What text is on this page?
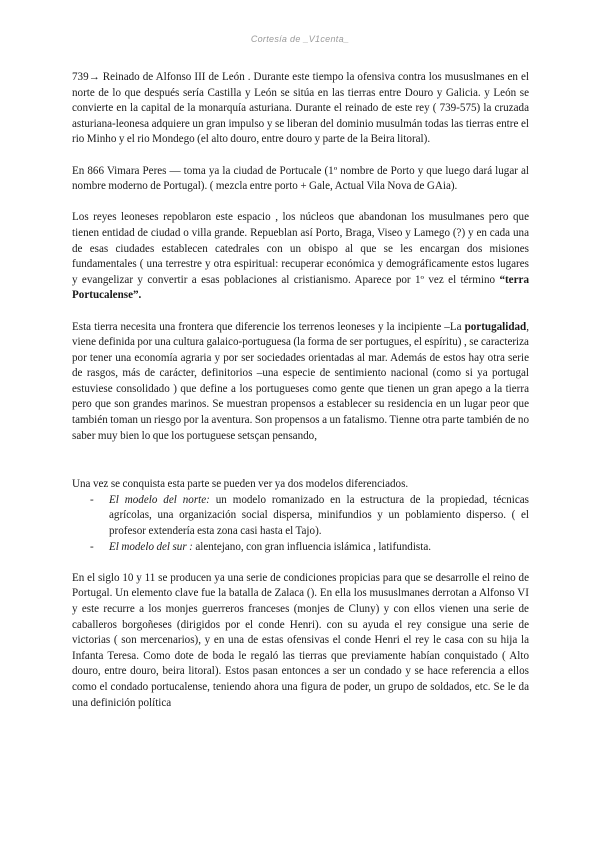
Cortesía de _V1centa_

739→ Reinado de Alfonso III de León . Durante este tiempo la ofensiva contra los mususlmanes en el norte de lo que después sería Castilla y León se sitúa en las tierras entre Douro y Galicia. y León se convierte en la capital de la monarquía asturiana. Durante el reinado de este rey ( 739-575) la cruzada asturiana-leonesa adquiere un gran impulso y se liberan del dominio musulmán todas las tierras entre el rio Minho y el rio Mondego (el alto douro, entre douro y parte de la Beira litoral).

En 866 Vimara Peres — toma ya la ciudad de Portucale (1º nombre de Porto y que luego dará lugar al nombre moderno de Portugal). ( mezcla entre porto + Gale, Actual Vila Nova de GAia).

Los reyes leoneses repoblaron este espacio , los núcleos que abandonan los musulmanes pero que tienen entidad de ciudad o villa grande. Repueblan así Porto, Braga, Viseo y Lamego (?) y en cada una de esas ciudades establecen catedrales con un obispo al que se les encargan dos misiones fundamentales ( una terrestre y otra espiritual: recuperar económica y demográficamente estos lugares y evangelizar y convertir a esas poblaciones al cristianismo. Aparece por 1º vez el término “terra Portucalense”.

Esta tierra necesita una frontera que diferencie los terrenos leoneses y la incipiente –La portugalidad, viene definida por una cultura galaico-portuguesa (la forma de ser portugues, el espíritu) , se caracteriza por tener una economía agraria y por ser sociedades orientadas al mar. Además de estos hay otra serie de rasgos, más de carácter, definitorios –una especie de sentimiento nacional (como si ya portugal estuviese consolidado ) que define a los portugueses como gente que tienen un gran apego a la tierra pero que son grandes marinos. Se muestran propensos a establecer su residencia en un lugar peor que también toman un riesgo por la aventura. Son propensos a un fatalismo. Tienne otra parte también de no saber muy bien lo que los portuguese setsçan pensando,

Una vez se conquista esta parte se pueden ver ya dos modelos diferenciados.

- El modelo del norte: un modelo romanizado en la estructura de la propiedad, técnicas agrícolas, una organización social dispersa, minifundios y un poblamiento disperso. ( el profesor extendería esta zona casi hasta el Tajo).
- El modelo del sur : alentejano, con gran influencia islámica , latifundista.

En el siglo 10 y 11 se producen ya una serie de condiciones propicias para que se desarrolle el reino de Portugal. Un elemento clave fue la batalla de Zalaca (). En ella los mususlmanes derrotan a Alfonso VI y este recurre a los monjes guerreros franceses (monjes de Cluny) y con ellos vienen una serie de caballeros borgoñeses (dirigidos por el conde Henri). con su ayuda el rey consigue una serie de victorias ( son mercenarios), y en una de estas ofensivas el conde Henri el rey le casa con su hija la Infanta Teresa. Como dote de boda le regaló las tierras que previamente habían conquistado ( Alto douro, entre douro, beira litoral). Estos pasan entonces a ser un condado y se hace referencia a ellos como el condado portucalense, teniendo ahora una figura de poder, un grupo de soldados, etc. Se le da una definición política
